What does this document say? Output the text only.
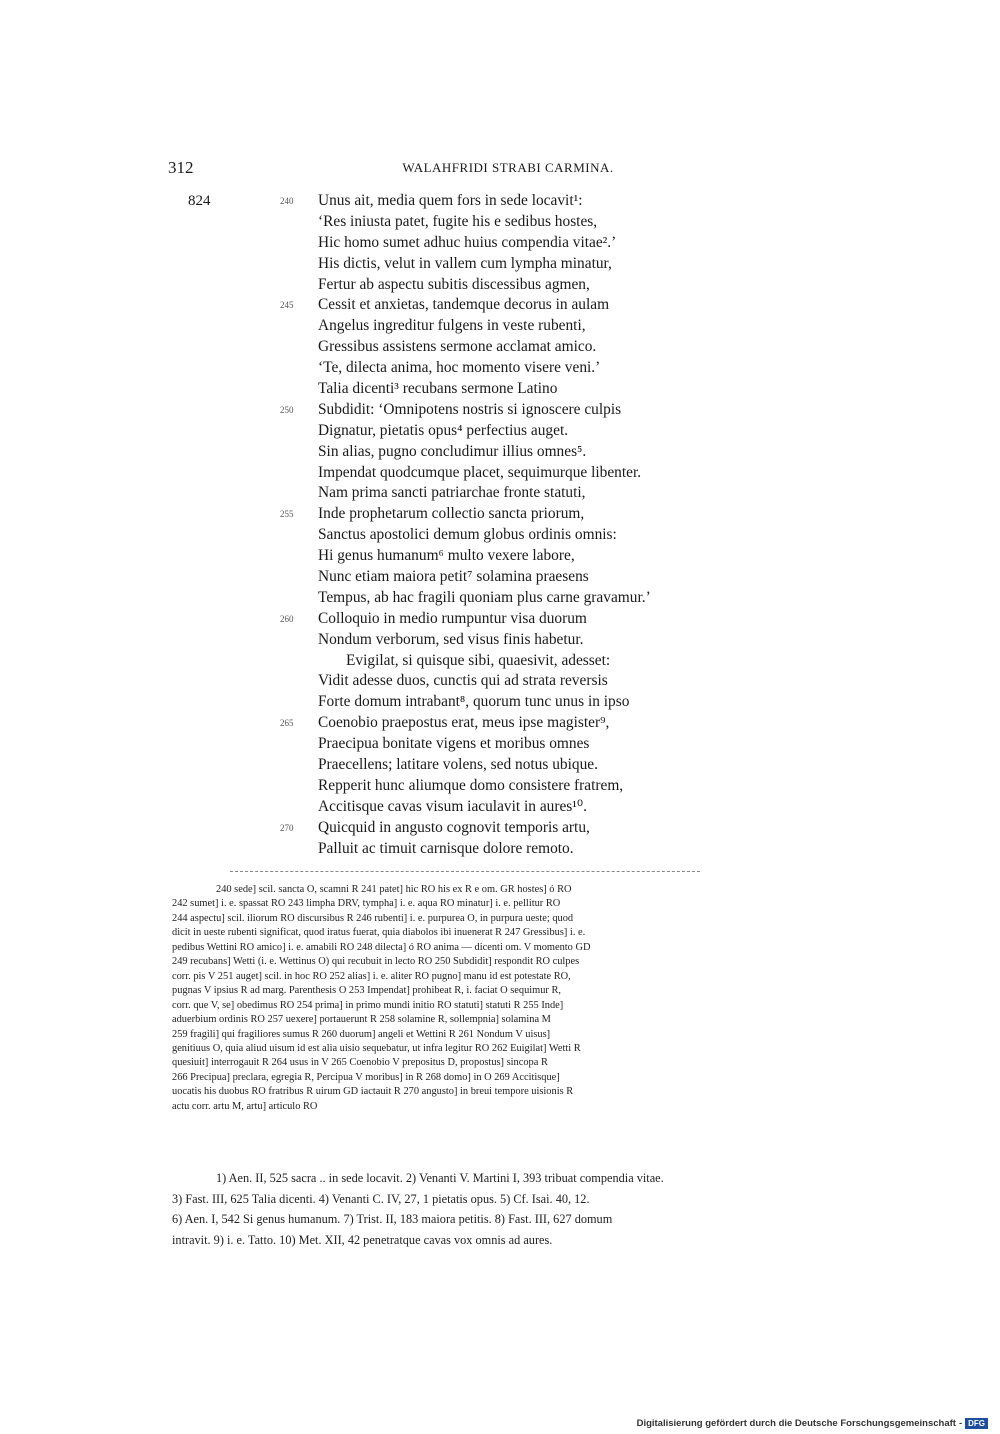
312	WALAHFRIDI STRABI CARMINA.
824	240	Unus ait, media quem fors in sede locavit¹:
‘Res iniusta patet, fugite his e sedibus hostes,
Hic homo sumet adhuc huius compendia vitae².’
His dictis, velut in vallem cum lympha minatur,
Fertur ab aspectu subitis discessibus agmen,
245	Cessit et anxietas, tandemque decorus in aulam
Angelus ingreditur fulgens in veste rubenti,
Gressibus assistens sermone acclamat amico.
‘Te, dilecta anima, hoc momento visere veni.’
Talia dicenti³ recubans sermone Latino
250	Subdidit: ‘Omnipotens nostris si ignoscere culpis
Dignatur, pietatis opus⁴ perfectius auget.
Sin alias, pugno concludimur illius omnes⁵.
Impendat quodcumque placet, sequimurque libenter.
Nam prima sancti patriarchae fronte statuti,
255	Inde prophetarum collectio sancta priorum,
Sanctus apostolici demum globus ordinis omnis:
Hi genus humanum⁶ multo vexere labore,
Nunc etiam maiora petit⁷ solamina praesens
Tempus, ab hac fragili quoniam plus carne gravamur.’
260	Colloquio in medio rumpuntur visa duorum
Nondum verborum, sed visus finis habetur.
Evigilat, si quisque sibi, quaesivit, adesset:
Vidit adesse duos, cunctis qui ad strata reversis
Forte domum intrabant⁸, quorum tunc unus in ipso
265	Coenobio praepostus erat, meus ipse magister⁹,
Praecipua bonitate vigens et moribus omnes
Praecellens; latitare volens, sed notus ubique.
Repperit hunc aliumque domo consistere fratrem,
Accitisque cavas visum iaculavit in aures¹⁰.
270	Quicquid in angusto cognovit temporis artu,
Palluit ac timuit carnisque dolore remoto.

240 sede] scil. sancta O, scamni R 241 patet] hic RO his ex R e om. GR hostes] ó RO

242 sumet] i. e. spassat RO 243 limpha DRV, tympha] i. e. aqua RO minatur] i. e. pellitur RO

244 aspectu] scil. iliorum RO discursibus R 246 rubenti] i. e. purpurea O, in purpura ueste; quod

dicit in ueste rubenti significat, quod iratus fuerat, quia diabolos ibi inuenerat R 247 Gressibus] i. e.

pedibus Wettini RO amico] i. e. amabili RO 248 dilecta] ó RO anima — dicenti om. V momento GD

249 recubans] Wetti (i. e. Wettinus O) qui recubuit in lecto RO 250 Subdidit] respondit RO culpes

corr. pis V 251 auget] scil. in hoc RO 252 alias] i. e. aliter RO pugno] manu id est potestate RO,

pugnas V ipsius R ad marg. Parenthesis O 253 Impendat] prohibeat R, i. faciat O sequimur R,

corr. que V, se] obedimus RO 254 prima] in primo mundi initio RO statuti] statuti R 255 Inde]

aduerbium ordinis RO 257 uexere] portauerunt R 258 solamine R, sollempnia] solamina M

259 fragili] qui fragiliores sumus R 260 duorum] angeli et Wettini R 261 Nondum V uisus]

genitiuus O, quia aliud uisum id est alia uisio sequebatur, ut infra legitur RO 262 Euigilat] Wetti R

quesiuit] interrogauit R 264 usus in V 265 Coenobio V prepositus D, propostus] sincopa R

266 Precipua] preclara, egregia R, Percipua V moribus] in R 268 domo] in O 269 Accitisque]

uocatis his duobus RO fratribus R uirum GD iactauit R 270 angusto] in breui tempore uisionis R

actu corr. artu M, artu] articulo RO

1) Aen. II, 525 sacra .. in sede locavit. 2) Venanti V. Martini I, 393 tribuat compendia vitae.

3) Fast. III, 625 Talia dicenti. 4) Venanti C. IV, 27, 1 pietatis opus. 5) Cf. Isai. 40, 12.

6) Aen. I, 542 Si genus humanum. 7) Trist. II, 183 maiora petitis. 8) Fast. III, 627 domum

intravit. 9) i. e. Tatto. 10) Met. XII, 42 penetratque cavas vox omnis ad aures.

Digitalisierung gefördert durch die Deutsche Forschungsgemeinschaft - DFG
